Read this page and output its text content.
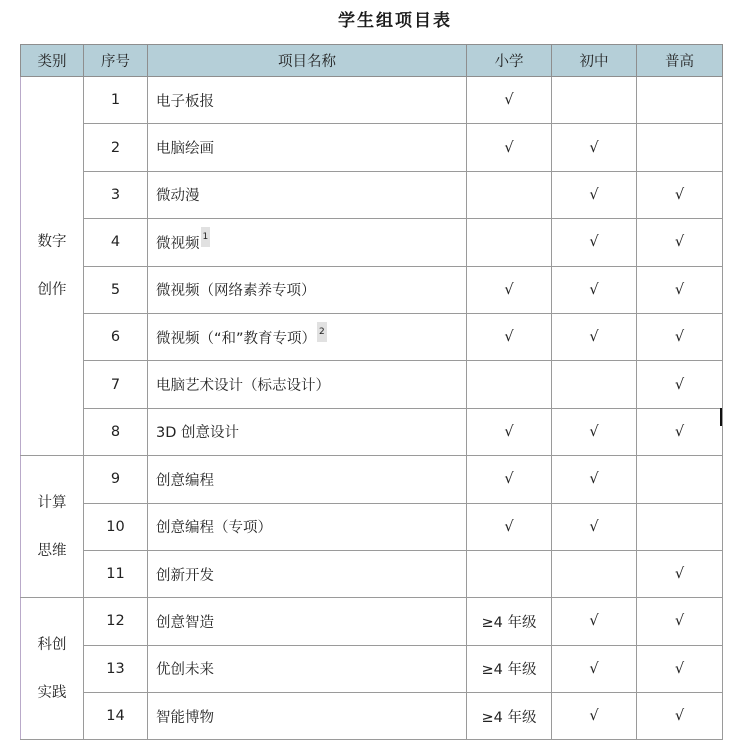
学生组项目表
类别	序号	项目名称	小学	初中	普高

数字
创作	1	电子板报	√		
	2	电脑绘画	√	√	
	3	微动漫		√	√
	4	微视频 1		√	√
	5	微视频（网络素养专项）	√	√	√
	6	微视频（“和”教育专项） 2	√	√	√
	7	电脑艺术设计（标志设计）			√
	8	3D 创意设计	√	√	√

计算
思维	9	创意编程	√	√	
	10	创意编程（专项）	√	√	
	11	创新开发			√

科创
实践	12	创意智造	≥4 年级	√	√
	13	优创未来	≥4 年级	√	√
	14	智能博物	≥4 年级	√	√
